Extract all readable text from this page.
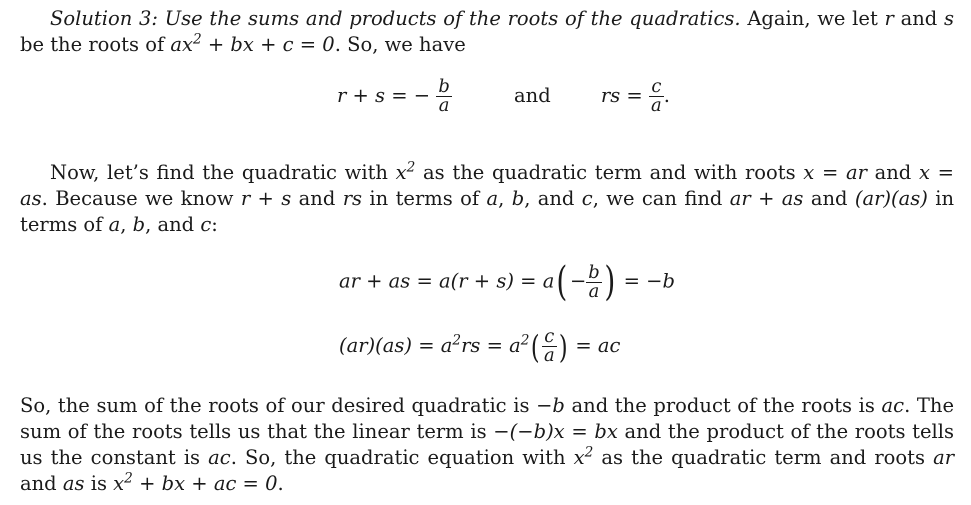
Solution 3: Use the sums and products of the roots of the quadratics. Again, we let r and s be the roots of $ax^2$ + bx + c = 0. So, we have

r + s = − $\frac{b}{a}$	and	rs = $\frac{c}{a}$ .

Now, let’s find the quadratic with $x^2$ as the quadratic term and with roots x = ar and x = as. Because we know r + s and rs in terms of a, b, and c, we can find ar + as and (ar)(as) in terms of a, b, and c:

ar + as = $a(r + s) = a( - \frac{b}{a}$ ) = −b
$(ar)(as) = a^2rs = a^2( \frac{c}{a}$ ) = ac

So, the sum of the roots of our desired quadratic is −b and the product of the roots is ac. The sum of the roots tells us that the linear term is −(−b)x = bx and the product of the roots tells us the constant is ac. So, the quadratic equation with $x^2$ as the quadratic term and roots ar and as is $x^2$ + bx + ac = 0.
